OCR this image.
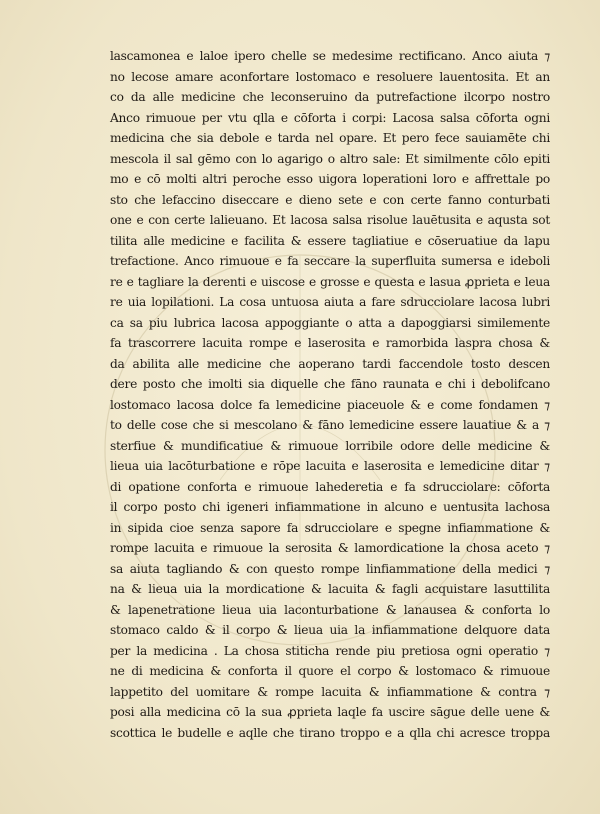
lascamonea e laloe ipero chelle se medesime rectificano. Anco aiuta ⁊
no lecose amare aconfortare lostomaco e resoluere lauentosita. Et an
co da alle medicine che leconseruino da putrefactione ilcorpo nostro
Anco rimuoue per vtu qlla e cōforta i corpi: Lacosa salsa cōforta ogni
medicina che sia debole e tarda nel opare. Et pero fece sauiamēte chi
mescola il sal gēmo con lo agarigo o altro sale: Et similmente cōlo epiti
mo e cō molti altri peroche esso uigora loperationi loro e affrettale po
sto che lefaccino diseccare e dieno sete e con certe fanno conturbati
one e con certe lalieuano. Et lacosa salsa risolue lauētusita e aqusta sot
tilita alle medicine e facilita & essere tagliatiue e cōseruatiue da lapu
trefactione. Anco rimuoue e fa seccare la superfluita sumersa e ideboli
re e tagliare la derenti e uiscose e grosse e questa e lasua ꝓprieta e leua
re uia lopilationi. La cosa untuosa aiuta a fare sdrucciolare lacosa lubri
ca sa piu lubrica lacosa appoggiante o atta a dapoggiarsi similemente
fa trascorrere lacuita rompe e laserosita e ramorbida laspra chosa &
da abilita alle medicine che aoperano tardi faccendole tosto descen
dere posto che imolti sia diquelle che fāno raunata e chi i debolifcano
lostomaco lacosa dolce fa lemedicine piaceuole & e come fondamen ⁊
to delle cose che si mescolano & fāno lemedicine essere lauatiue & a ⁊
sterfiue & mundificatiue & rimuoue lorribile odore delle medicine &
lieua uia lacōturbatione e rōpe lacuita e laserosita e lemedicine ditar ⁊
di opatione conforta e rimuoue lahederetia e fa sdrucciolare: cōforta
il corpo posto chi igeneri infiammatione in alcuno e uentusita lachosa
in sipida cioe senza sapore fa sdrucciolare e spegne infiammatione &
rompe lacuita e rimuoue la serosita & lamordicatione la chosa aceto ⁊
sa aiuta tagliando & con questo rompe linfiammatione della medici ⁊
na & lieua uia la mordicatione & lacuita & fagli acquistare lasuttilita
& lapenetratione lieua uia laconturbatione & lanausea & conforta lo
stomaco caldo & il corpo & lieua uia la infiammatione delquore data
per la medicina . La chosa stiticha rende piu pretiosa ogni operatio ⁊
ne di medicina & conforta il quore el corpo & lostomaco & rimuoue
lappetito del uomitare & rompe lacuita & infiammatione & contra ⁊
posi alla medicina cō la sua ꝓprieta laqle fa uscire sāgue delle uene &
scottica le budelle e aqlle che tirano troppo e a qlla chi acresce troppa
